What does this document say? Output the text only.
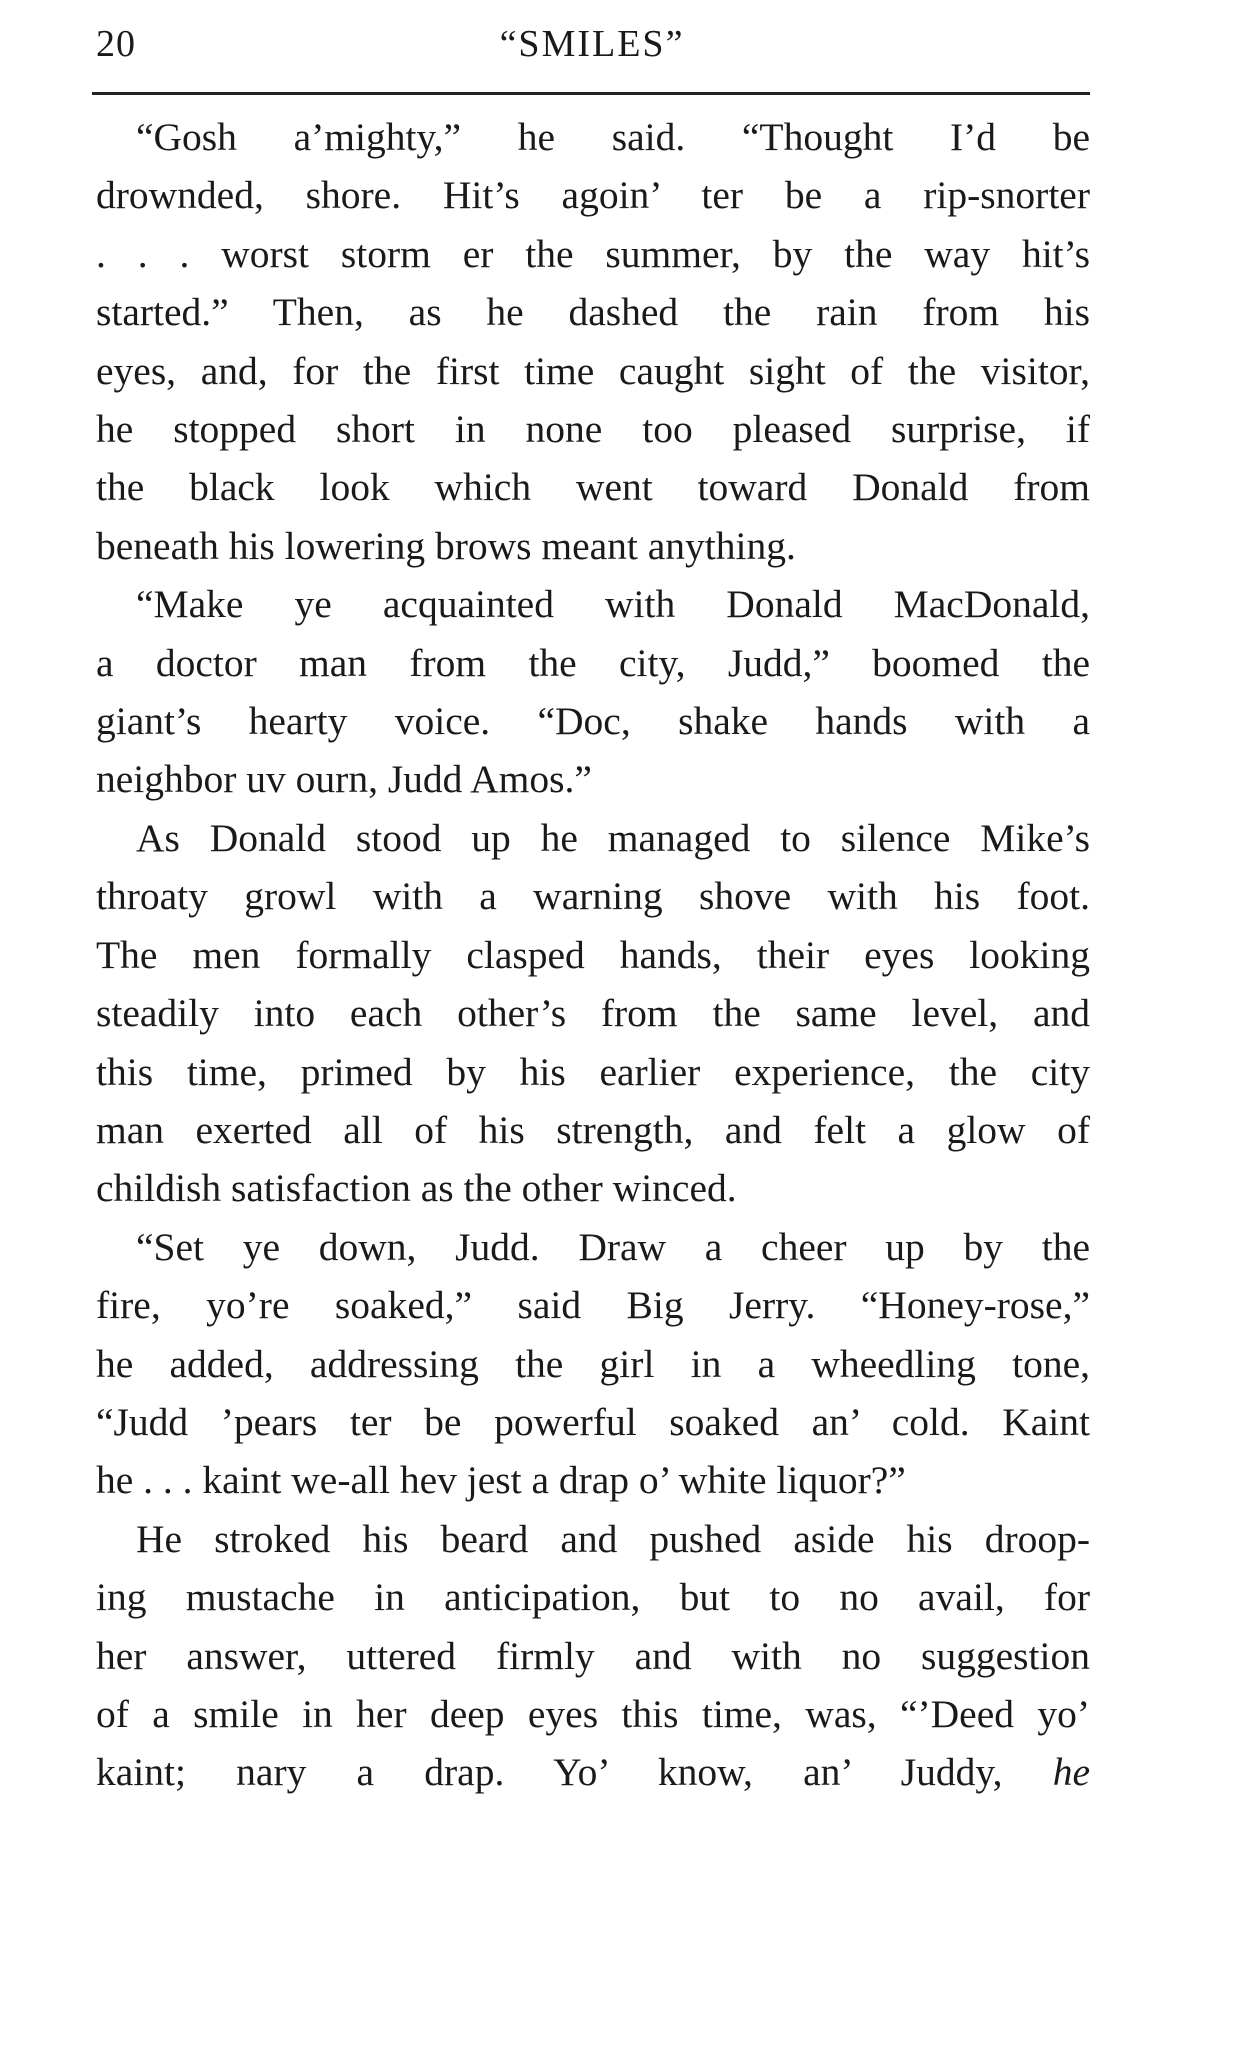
20	“SMILES”

“Gosh a’mighty,” he said. “Thought I’d be
drownded, shore. Hit’s agoin’ ter be a rip-snorter
. . . worst storm er the summer, by the way hit’s
started.” Then, as he dashed the rain from his
eyes, and, for the first time caught sight of the visitor,
he stopped short in none too pleased surprise, if
the black look which went toward Donald from
beneath his lowering brows meant anything.

“Make ye acquainted with Donald MacDonald,
a doctor man from the city, Judd,” boomed the
giant’s hearty voice. “Doc, shake hands with a
neighbor uv ourn, Judd Amos.”

As Donald stood up he managed to silence Mike’s
throaty growl with a warning shove with his foot.
The men formally clasped hands, their eyes looking
steadily into each other’s from the same level, and
this time, primed by his earlier experience, the city
man exerted all of his strength, and felt a glow of
childish satisfaction as the other winced.

“Set ye down, Judd. Draw a cheer up by the
fire, yo’re soaked,” said Big Jerry. “Honey-rose,”
he added, addressing the girl in a wheedling tone,
“Judd ’pears ter be powerful soaked an’ cold. Kaint
he . . . kaint we-all hev jest a drap o’ white liquor?”

He stroked his beard and pushed aside his droop-
ing mustache in anticipation, but to no avail, for
her answer, uttered firmly and with no suggestion
of a smile in her deep eyes this time, was, “’Deed yo’
kaint; nary a drap. Yo’ know, an’ Juddy, he
